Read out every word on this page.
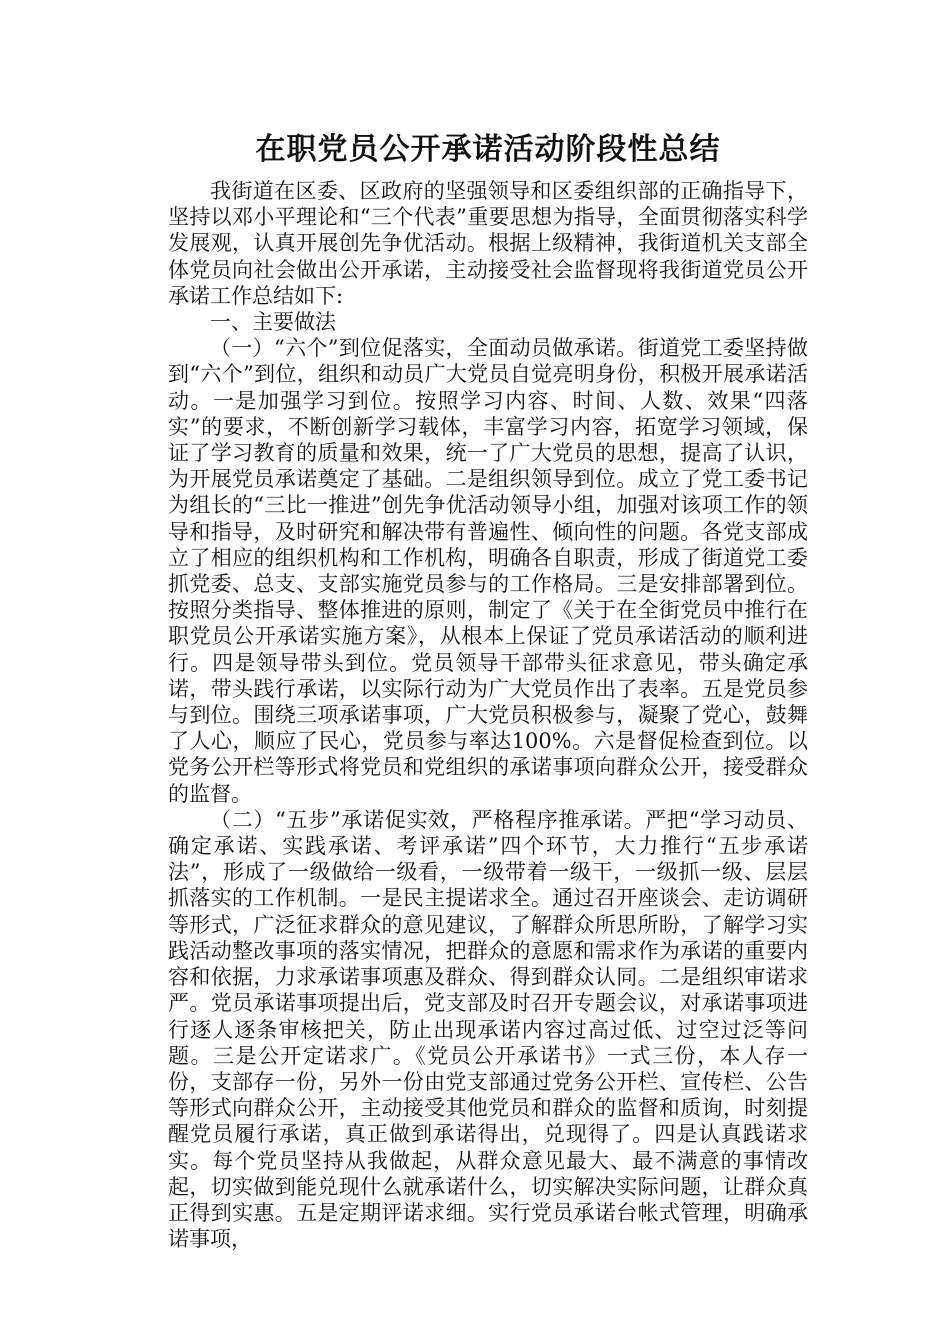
在职党员公开承诺活动阶段性总结

我街道在区委、区政府的坚强领导和区委组织部的正确指导下，坚持以邓小平理论和“三个代表”重要思想为指导，全面贯彻落实科学发展观，认真开展创先争优活动。根据上级精神，我街道机关支部全体党员向社会做出公开承诺，主动接受社会监督现将我街道党员公开承诺工作总结如下:

一、主要做法

（一）“六个”到位促落实，全面动员做承诺。街道党工委坚持做到“六个”到位，组织和动员广大党员自觉亮明身份，积极开展承诺活动。一是加强学习到位。按照学习内容、时间、人数、效果“四落实”的要求，不断创新学习载体，丰富学习内容，拓宽学习领域，保证了学习教育的质量和效果，统一了广大党员的思想，提高了认识，为开展党员承诺奠定了基础。二是组织领导到位。成立了党工委书记为组长的“三比一推进”创先争优活动领导小组，加强对该项工作的领导和指导，及时研究和解决带有普遍性、倾向性的问题。各党支部成立了相应的组织机构和工作机构，明确各自职责，形成了街道党工委抓党委、总支、支部实施党员参与的工作格局。三是安排部署到位。按照分类指导、整体推进的原则，制定了《关于在全街党员中推行在职党员公开承诺实施方案》，从根本上保证了党员承诺活动的顺利进行。四是领导带头到位。党员领导干部带头征求意见，带头确定承诺，带头践行承诺，以实际行动为广大党员作出了表率。五是党员参与到位。围绕三项承诺事项，广大党员积极参与，凝聚了党心，鼓舞了人心，顺应了民心，党员参与率达100%。六是督促检查到位。以党务公开栏等形式将党员和党组织的承诺事项向群众公开，接受群众的监督。

（二）“五步”承诺促实效，严格程序推承诺。严把“学习动员、确定承诺、实践承诺、考评承诺”四个环节，大力推行“五步承诺法”，形成了一级做给一级看，一级带着一级干，一级抓一级、层层抓落实的工作机制。一是民主提诺求全。通过召开座谈会、走访调研等形式，广泛征求群众的意见建议，了解群众所思所盼，了解学习实践活动整改事项的落实情况，把群众的意愿和需求作为承诺的重要内容和依据，力求承诺事项惠及群众、得到群众认同。二是组织审诺求严。党员承诺事项提出后，党支部及时召开专题会议，对承诺事项进行逐人逐条审核把关，防止出现承诺内容过高过低、过空过泛等问题。三是公开定诺求广。《党员公开承诺书》一式三份，本人存一份，支部存一份，另外一份由党支部通过党务公开栏、宣传栏、公告等形式向群众公开，主动接受其他党员和群众的监督和质询，时刻提醒党员履行承诺，真正做到承诺得出，兑现得了。四是认真践诺求实。每个党员坚持从我做起，从群众意见最大、最不满意的事情改起，切实做到能兑现什么就承诺什么，切实解决实际问题，让群众真正得到实惠。五是定期评诺求细。实行党员承诺台帐式管理，明确承诺事项，
